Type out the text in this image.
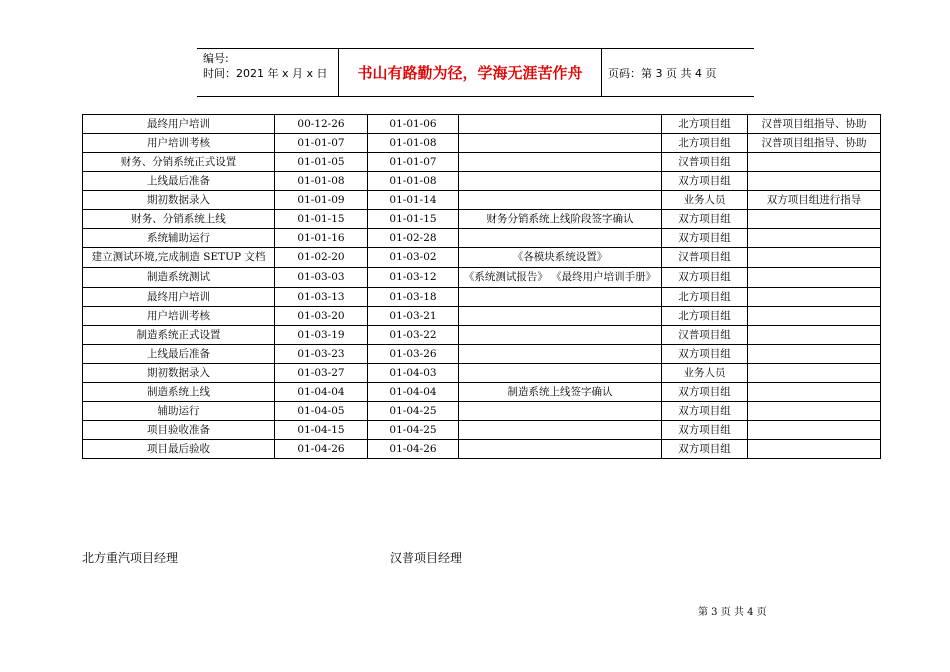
编号:
时间：2021 年 x 月 x 日	书山有路勤为径，学海无涯苦作舟	页码：第 3 页 共 4 页
最终用户培训	00-12-26	01-01-06		北方项目组	汉普项目组指导、协助
用户培训考核	01-01-07	01-01-08		北方项目组	汉普项目组指导、协助
财务、分销系统正式设置	01-01-05	01-01-07		汉普项目组	
上线最后准备	01-01-08	01-01-08		双方项目组	
期初数据录入	01-01-09	01-01-14		业务人员	双方项目组进行指导
财务、分销系统上线	01-01-15	01-01-15	财务分销系统上线阶段签字确认	双方项目组	
系统辅助运行	01-01-16	01-02-28		双方项目组	
建立测试环境,完成制造 SETUP 文档	01-02-20	01-03-02	《各模块系统设置》	汉普项目组	
制造系统测试	01-03-03	01-03-12	《系统测试报告》 《最终用户培训手册》	双方项目组	
最终用户培训	01-03-13	01-03-18		北方项目组	
用户培训考核	01-03-20	01-03-21		北方项目组	
制造系统正式设置	01-03-19	01-03-22		汉普项目组	
上线最后准备	01-03-23	01-03-26		双方项目组	
期初数据录入	01-03-27	01-04-03		业务人员	
制造系统上线	01-04-04	01-04-04	制造系统上线签字确认	双方项目组	
辅助运行	01-04-05	01-04-25		双方项目组	
项目验收准备	01-04-15	01-04-25		双方项目组	
项目最后验收	01-04-26	01-04-26		双方项目组	
北方重汽项目经理	汉普项目经理
第 3 页 共 4 页
